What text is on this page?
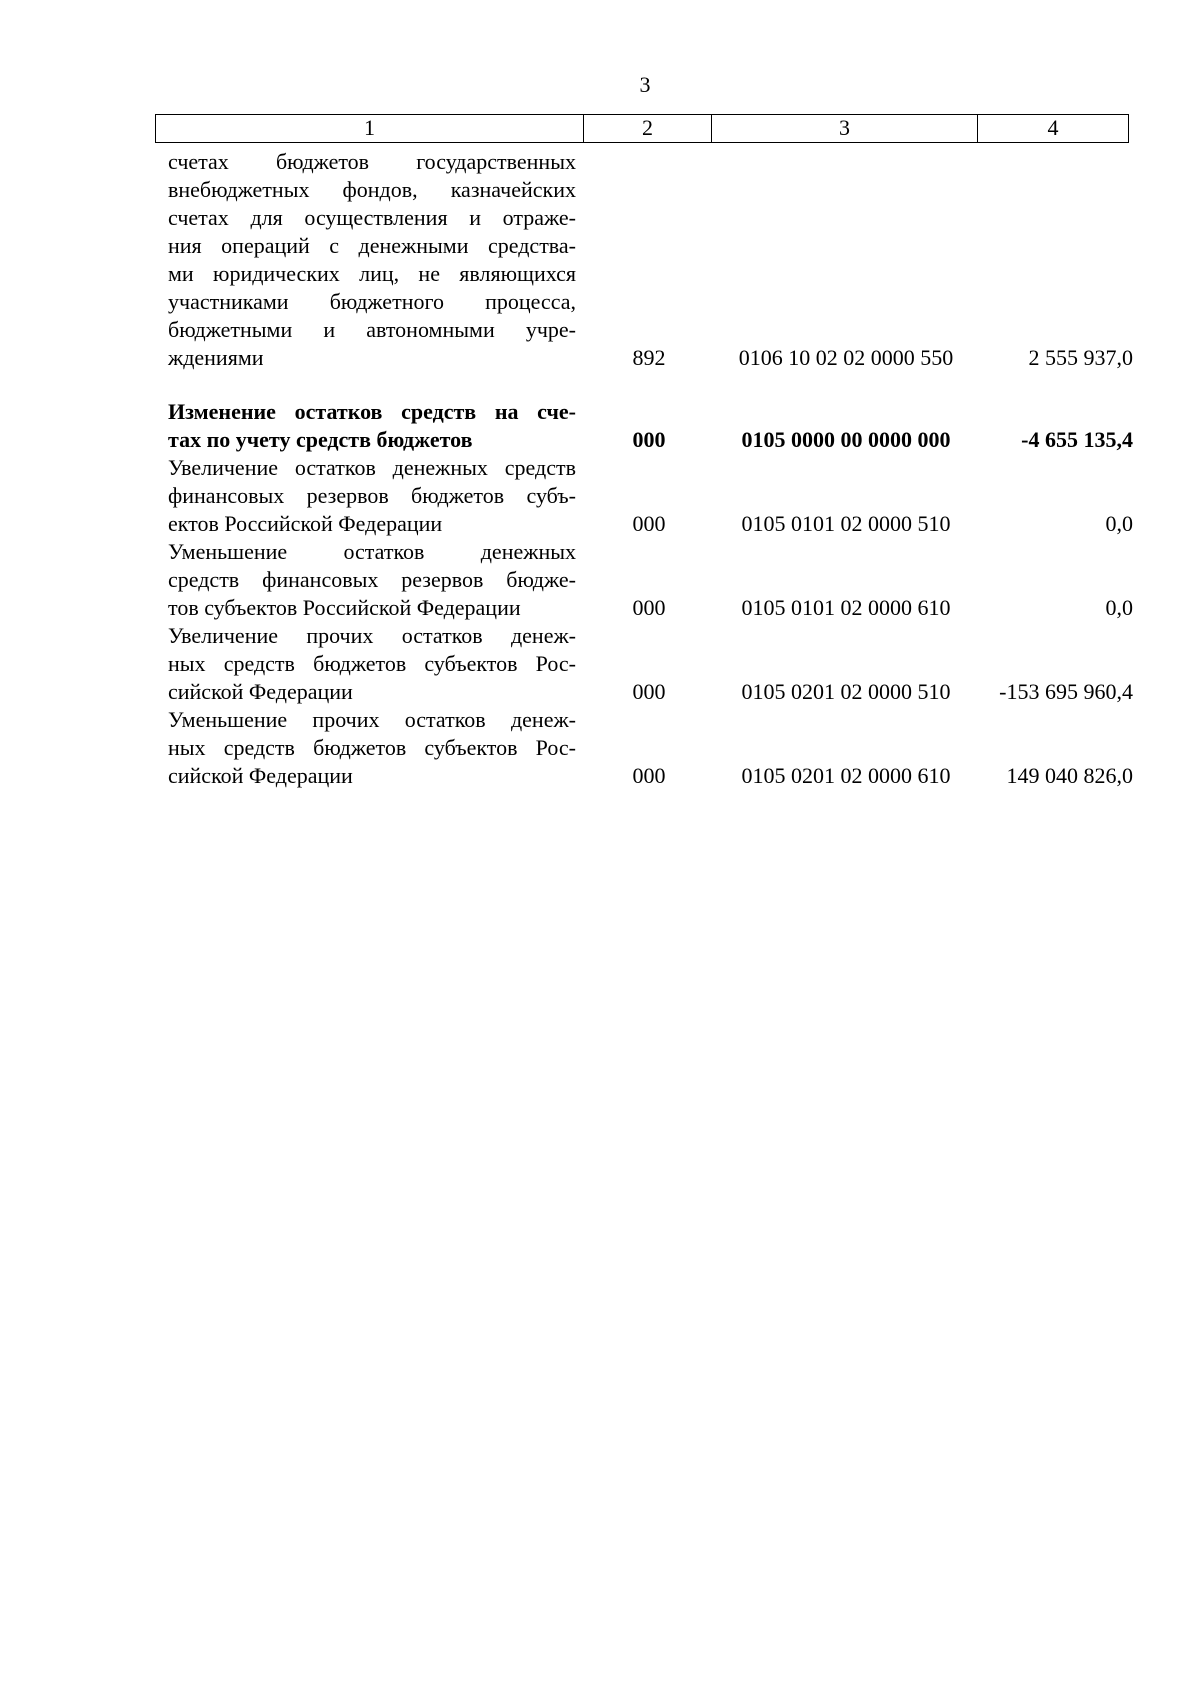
3
1	2	3	4
счетах бюджетов государственных
внебюджетных фондов, казначейских
счетах для осуществления и отраже-
ния операций с денежными средства-
ми юридических лиц, не являющихся
участниками бюджетного процесса,
бюджетными и автономными учре-
ждениями	892	0106 10 02 02 0000 550	2 555 937,0
Изменение остатков средств на сче-
тах по учету средств бюджетов	000	0105 0000 00 0000 000	-4 655 135,4
Увеличение остатков денежных средств
финансовых резервов бюджетов субъ-
ектов Российской Федерации	000	0105 0101 02 0000 510	0,0
Уменьшение остатков денежных
средств финансовых резервов бюдже-
тов субъектов Российской Федерации	000	0105 0101 02 0000 610	0,0
Увеличение прочих остатков денеж-
ных средств бюджетов субъектов Рос-
сийской Федерации	000	0105 0201 02 0000 510	-153 695 960,4
Уменьшение прочих остатков денеж-
ных средств бюджетов субъектов Рос-
сийской Федерации	000	0105 0201 02 0000 610	149 040 826,0
